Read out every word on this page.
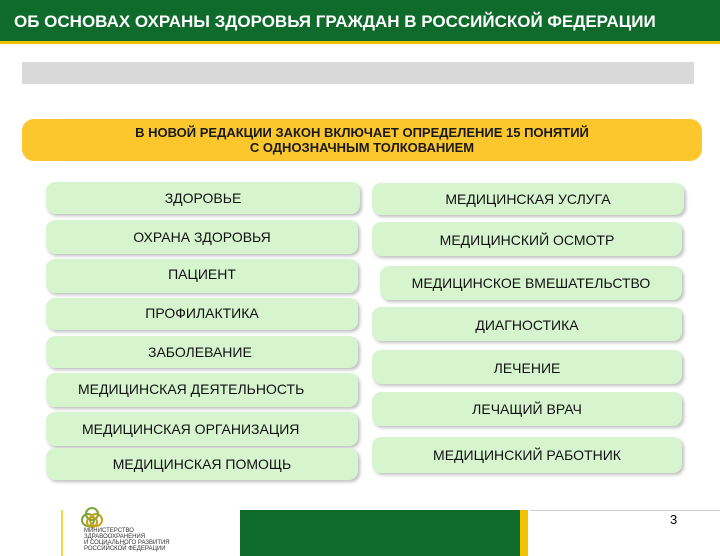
ОБ ОСНОВАХ ОХРАНЫ ЗДОРОВЬЯ ГРАЖДАН В РОССИЙСКОЙ ФЕДЕРАЦИИ
В НОВОЙ РЕДАКЦИИ ЗАКОН ВКЛЮЧАЕТ ОПРЕДЕЛЕНИЕ 15 ПОНЯТИЙ
С ОДНОЗНАЧНЫМ ТОЛКОВАНИЕМ
ЗДОРОВЬЕ
ОХРАНА ЗДОРОВЬЯ
ПАЦИЕНТ
ПРОФИЛАКТИКА
ЗАБОЛЕВАНИЕ
МЕДИЦИНСКАЯ ДЕЯТЕЛЬНОСТЬ
МЕДИЦИНСКАЯ ОРГАНИЗАЦИЯ
МЕДИЦИНСКАЯ ПОМОЩЬ
МЕДИЦИНСКАЯ УСЛУГА
МЕДИЦИНСКИЙ ОСМОТР
МЕДИЦИНСКОЕ ВМЕШАТЕЛЬСТВО
ДИАГНОСТИКА
ЛЕЧЕНИЕ
ЛЕЧАЩИЙ ВРАЧ
МЕДИЦИНСКИЙ РАБОТНИК
МИНИСТЕРСТВО
ЗДРАВООХРАНЕНИЯ
И СОЦИАЛЬНОГО РАЗВИТИЯ
РОССИЙСКОЙ ФЕДЕРАЦИИ
3
